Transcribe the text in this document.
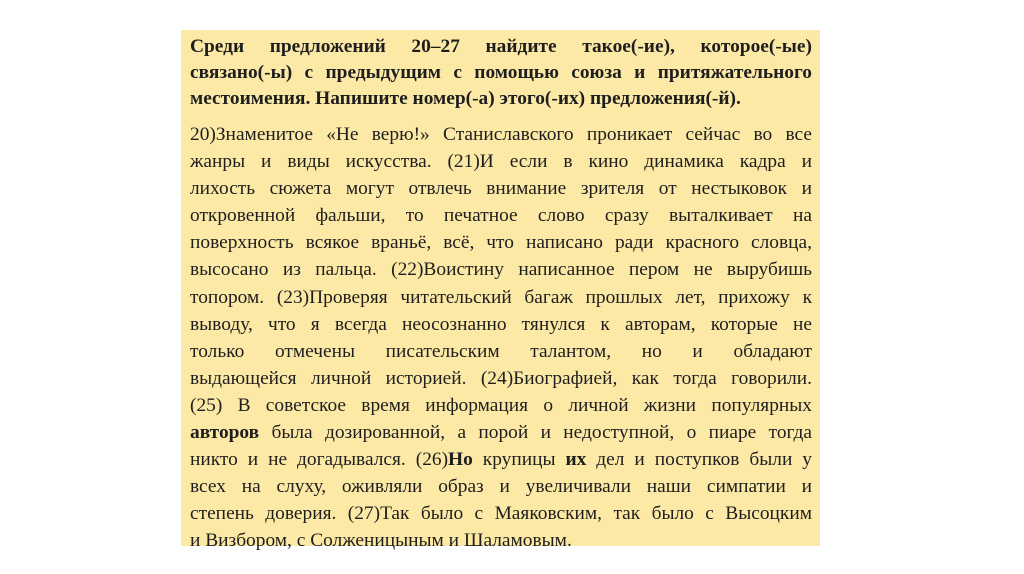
Среди предложений 20–27 найдите такое(-ие), которое(-ые)
связано(-ы) с предыдущим с помощью союза и притяжательного
местоимения. Напишите номер(-а) этого(-их) предложения(-й).
20)Знаменитое «Не верю!» Станиславского проникает сейчас во все
жанры и виды искусства. (21)И если в кино динамика кадра и
лихость сюжета могут отвлечь внимание зрителя от нестыковок и
откровенной фальши, то печатное слово сразу выталкивает на
поверхность всякое враньё, всё, что написано ради красного словца,
высосано из пальца. (22)Воистину написанное пером не вырубишь
топором. (23)Проверяя читательский багаж прошлых лет, прихожу к
выводу, что я всегда неосознанно тянулся к авторам, которые не
только отмечены писательским талантом, но и обладают
выдающейся личной историей. (24)Биографией, как тогда говорили.
(25) В советское время информация о личной жизни популярных
авторов была дозированной, а порой и недоступной, о пиаре тогда
никто и не догадывался. (26)Но крупицы их дел и поступков были у
всех на слуху, оживляли образ и увеличивали наши симпатии и
степень доверия. (27)Так было с Маяковским, так было с Высоцким
и Визбором, с Солженицыным и Шаламовым.
